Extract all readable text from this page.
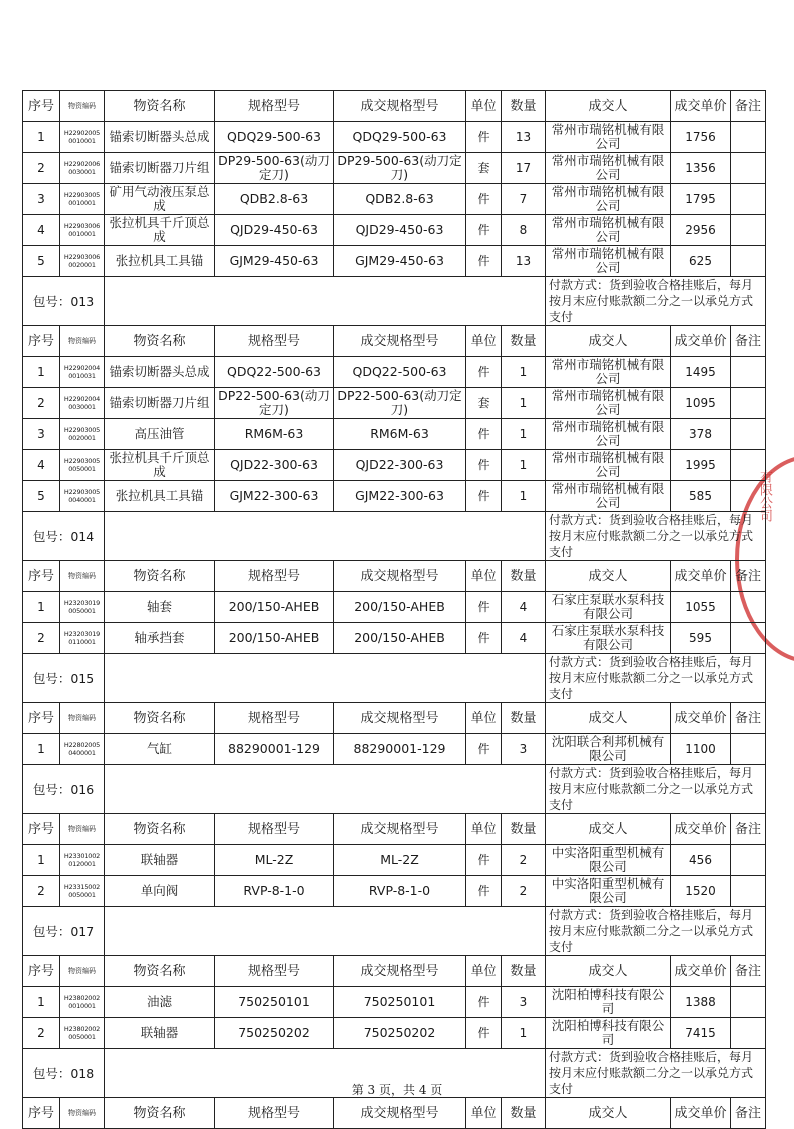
有限公司
序号	物资编码	物资名称	规格型号	成交规格型号	单位	数量	成交人	成交单价	备注
1	H22902005 0010001	锚索切断器头总成	QDQ29-500-63	QDQ29-500-63	件	13	常州市瑞铭机械有限公司	1756	
2	H22902006 0030001	锚索切断器刀片组	DP29-500-63(动刀定刀)	DP29-500-63(动刀定刀)	套	17	常州市瑞铭机械有限公司	1356	
3	H22903005 0010001	矿用气动液压泵总成	QDB2.8-63	QDB2.8-63	件	7	常州市瑞铭机械有限公司	1795	
4	H22903006 0010001	张拉机具千斤顶总成	QJD29-450-63	QJD29-450-63	件	8	常州市瑞铭机械有限公司	2956	
5	H22903006 0020001	张拉机具工具锚	GJM29-450-63	GJM29-450-63	件	13	常州市瑞铭机械有限公司	625	
包号：013							付款方式：货到验收合格挂账后，每月按月末应付账款额二分之一以承兑方式支付		
序号	物资编码	物资名称	规格型号	成交规格型号	单位	数量	成交人	成交单价	备注
1	H22902004 0010031	锚索切断器头总成	QDQ22-500-63	QDQ22-500-63	件	1	常州市瑞铭机械有限公司	1495	
2	H22902004 0030001	锚索切断器刀片组	DP22-500-63(动刀定刀)	DP22-500-63(动刀定刀)	套	1	常州市瑞铭机械有限公司	1095	
3	H22903005 0020001	高压油管	RM6M-63	RM6M-63	件	1	常州市瑞铭机械有限公司	378	
4	H22903005 0050001	张拉机具千斤顶总成	QJD22-300-63	QJD22-300-63	件	1	常州市瑞铭机械有限公司	1995	
5	H22903005 0040001	张拉机具工具锚	GJM22-300-63	GJM22-300-63	件	1	常州市瑞铭机械有限公司	585	
包号：014							付款方式：货到验收合格挂账后，每月按月末应付账款额二分之一以承兑方式支付		
序号	物资编码	物资名称	规格型号	成交规格型号	单位	数量	成交人	成交单价	备注
1	H23203019 0050001	轴套	200/150-AHEB	200/150-AHEB	件	4	石家庄泵联水泵科技有限公司	1055	
2	H23203019 0110001	轴承挡套	200/150-AHEB	200/150-AHEB	件	4	石家庄泵联水泵科技有限公司	595	
包号：015							付款方式：货到验收合格挂账后，每月按月末应付账款额二分之一以承兑方式支付		
序号	物资编码	物资名称	规格型号	成交规格型号	单位	数量	成交人	成交单价	备注
1	H22802005 0400001	气缸	88290001-129	88290001-129	件	3	沈阳联合利邦机械有限公司	1100	
包号：016							付款方式：货到验收合格挂账后，每月按月末应付账款额二分之一以承兑方式支付		
序号	物资编码	物资名称	规格型号	成交规格型号	单位	数量	成交人	成交单价	备注
1	H23301002 0120001	联轴器	ML-2Z	ML-2Z	件	2	中实洛阳重型机械有限公司	456	
2	H23315002 0050001	单向阀	RVP-8-1-0	RVP-8-1-0	件	2	中实洛阳重型机械有限公司	1520	
包号：017							付款方式：货到验收合格挂账后，每月按月末应付账款额二分之一以承兑方式支付		
序号	物资编码	物资名称	规格型号	成交规格型号	单位	数量	成交人	成交单价	备注
1	H23802002 0010001	油滤	750250101	750250101	件	3	沈阳柏博科技有限公司	1388	
2	H23802002 0050001	联轴器	750250202	750250202	件	1	沈阳柏博科技有限公司	7415	
包号：018							付款方式：货到验收合格挂账后，每月按月末应付账款额二分之一以承兑方式支付		
序号	物资编码	物资名称	规格型号	成交规格型号	单位	数量	成交人	成交单价	备注
第 3 页，共 4 页
